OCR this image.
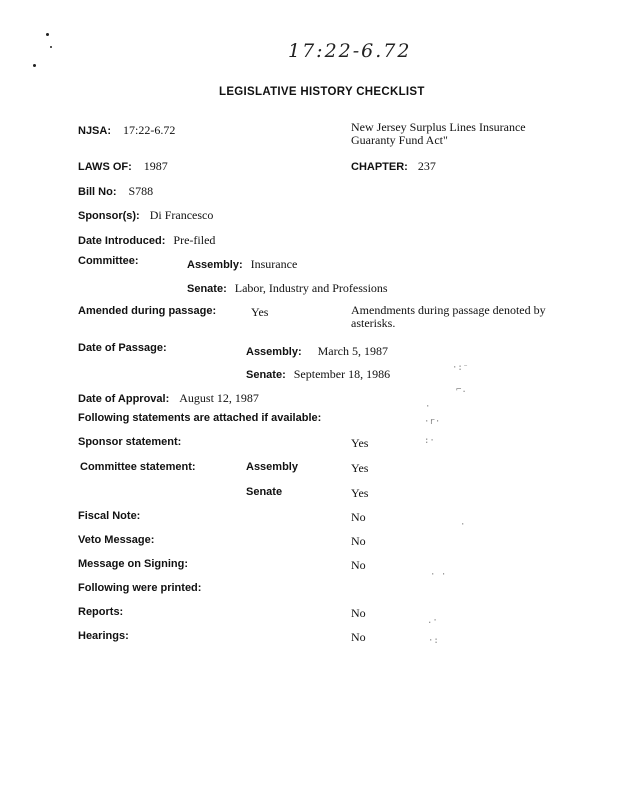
17:22-6.72
LEGISLATIVE HISTORY CHECKLIST
NJSA: 17:22-6.72	New Jersey Surplus Lines Insurance Guaranty Fund Act"
LAWS OF: 1987	CHAPTER: 237
Bill No: S788
Sponsor(s): Di Francesco
Date Introduced: Pre-filed
Committee:	Assembly: Insurance
Senate: Labor, Industry and Professions
Amended during passage:	Yes	Amendments during passage denoted by asterisks.
Date of Passage:	Assembly: March 5, 1987
Senate: September 18, 1986
Date of Approval: August 12, 1987
Following statements are attached if available:
Sponsor statement:	Yes
Committee statement:	Assembly	Yes
Senate	Yes
Fiscal Note:	No
Veto Message:	No
Message on Signing:	No
Following were printed:
Reports:	No
Hearings:	No
·:⁻
⌐.
·
·r·
:·
·
· ·
.·
·:
